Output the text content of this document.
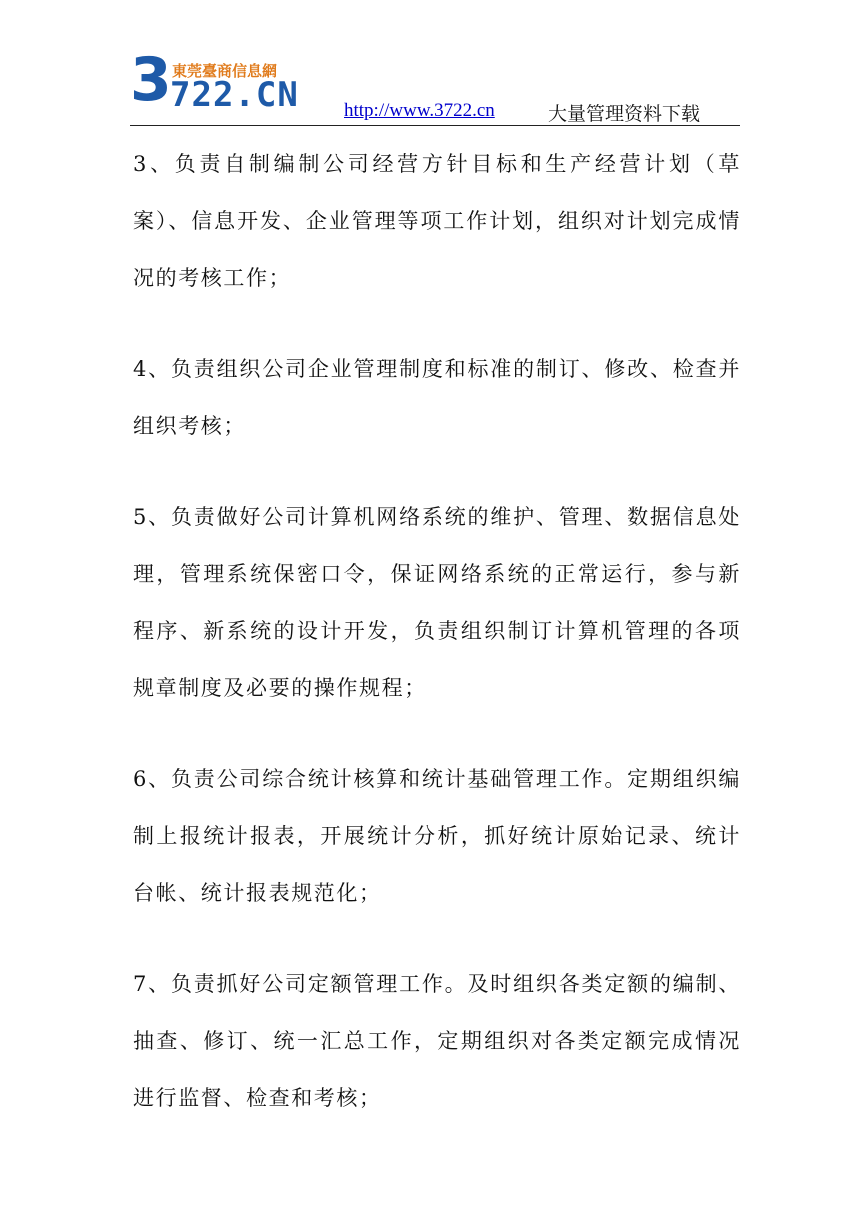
3 東莞臺商信息網
722.CN http://www.3722.cn	大量管理资料下载

3、负责自制编制公司经营方针目标和生产经营计划（草案）、信息开发、企业管理等项工作计划，组织对计划完成情况的考核工作；

4、负责组织公司企业管理制度和标准的制订、修改、检查并组织考核；

5、负责做好公司计算机网络系统的维护、管理、数据信息处理，管理系统保密口令，保证网络系统的正常运行，参与新程序、新系统的设计开发，负责组织制订计算机管理的各项规章制度及必要的操作规程；

6、负责公司综合统计核算和统计基础管理工作。定期组织编制上报统计报表，开展统计分析，抓好统计原始记录、统计台帐、统计报表规范化；

7、负责抓好公司定额管理工作。及时组织各类定额的编制、抽查、修订、统一汇总工作，定期组织对各类定额完成情况进行监督、检查和考核；
